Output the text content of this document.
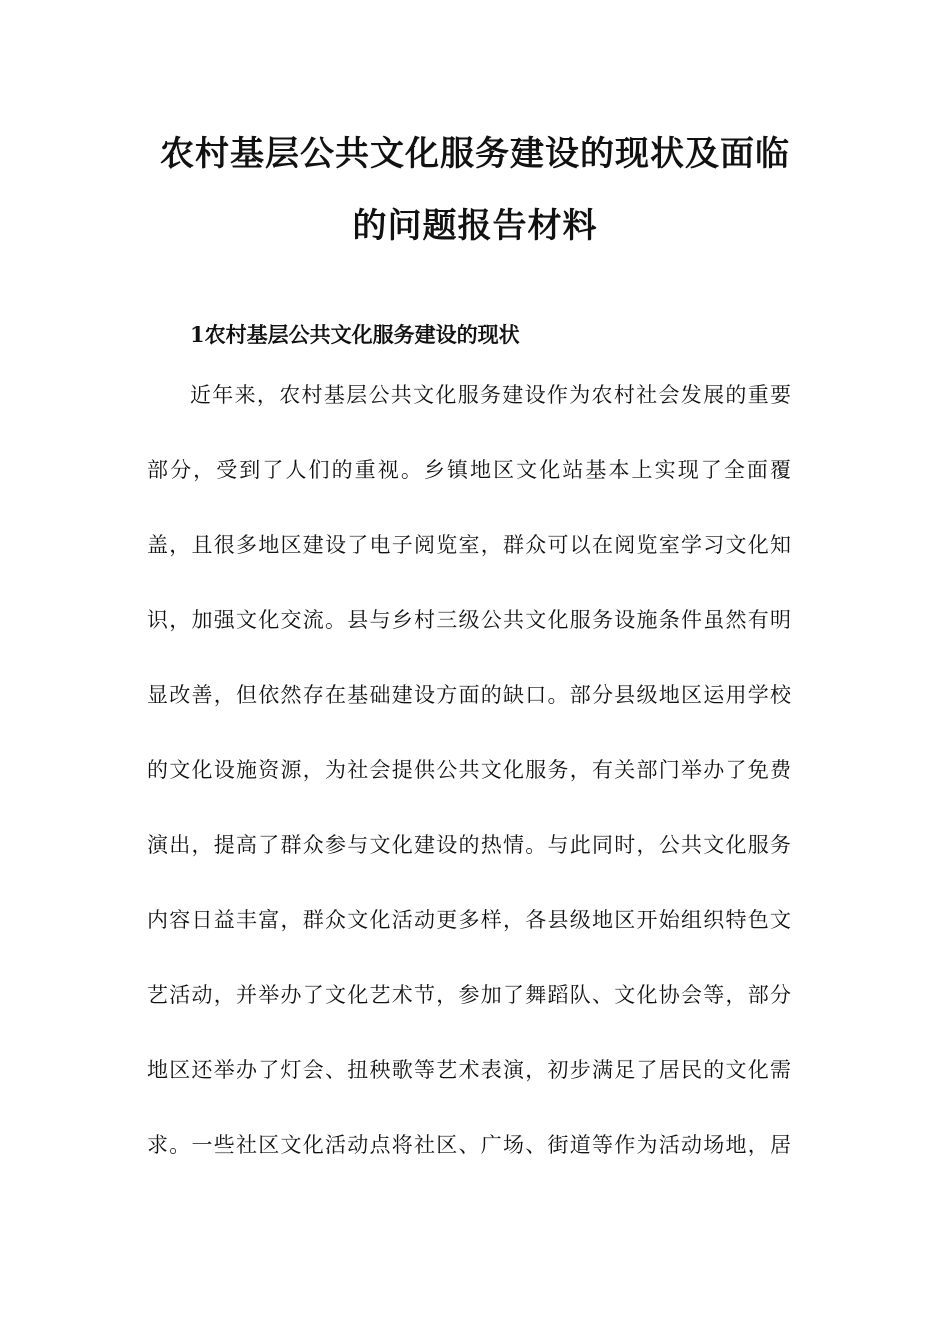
农村基层公共文化服务建设的现状及面临
的问题报告材料
1农村基层公共文化服务建设的现状

近年来，农村基层公共文化服务建设作为农村社会发展的重要

部分，受到了人们的重视。乡镇地区文化站基本上实现了全面覆

盖，且很多地区建设了电子阅览室，群众可以在阅览室学习文化知

识，加强文化交流。县与乡村三级公共文化服务设施条件虽然有明

显改善，但依然存在基础建设方面的缺口。部分县级地区运用学校

的文化设施资源，为社会提供公共文化服务，有关部门举办了免费

演出，提高了群众参与文化建设的热情。与此同时，公共文化服务

内容日益丰富，群众文化活动更多样，各县级地区开始组织特色文

艺活动，并举办了文化艺术节，参加了舞蹈队、文化协会等，部分

地区还举办了灯会、扭秧歌等艺术表演，初步满足了居民的文化需

求。一些社区文化活动点将社区、广场、街道等作为活动场地，居
